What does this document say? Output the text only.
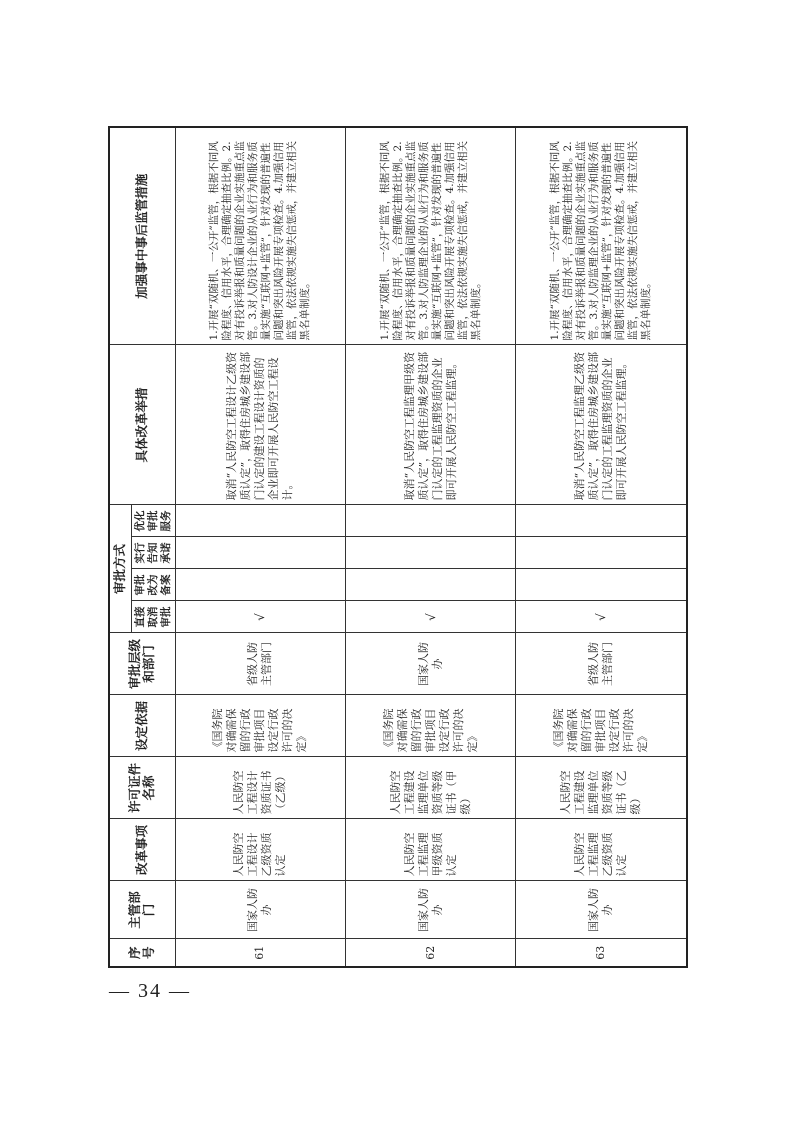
— 34 —
序号	主管部门	改革事项	许可证件名称	设定依据	审批层级和部门	审批方式				具体改革举措	加强事中事后监管措施
						直接取消审批	审批改为备案	实行告知承诺	优化审批服务		
61	国家人防办	人民防空工程设计乙级资质认定	人民防空工程设计资质证书（乙级）	《国务院对确需保留的行政审批项目设定行政许可的决定》	省级人防主管部门	√				取消“人民防空工程设计乙级资质认定”，取得住房城乡建设部门认定的建设工程设计资质的企业即可开展人民防空工程设计。	1.开展“双随机、一公开”监管，根据不同风险程度、信用水平，合理确定抽查比例。2.对有投诉举报和质量问题的企业实施重点监管。3.对人防设计企业的从业行为和服务质量实施“互联网+监管”，针对发现的普遍性问题和突出风险开展专项检查。4.加强信用监管，依法依规实施失信惩戒，并建立相关黑名单制度。
62	国家人防办	人民防空工程监理甲级资质认定	人民防空工程建设监理单位资质等级证书（甲级）	《国务院对确需保留的行政审批项目设定行政许可的决定》	国家人防办	√				取消“人民防空工程监理甲级资质认定”，取得住房城乡建设部门认定的工程监理资质的企业即可开展人民防空工程监理。	1.开展“双随机、一公开”监管，根据不同风险程度、信用水平，合理确定抽查比例。2.对有投诉举报和质量问题的企业实施重点监管。3.对人防监理企业的从业行为和服务质量实施“互联网+监管”，针对发现的普遍性问题和突出风险开展专项检查。4.加强信用监管，依法依规实施失信惩戒，并建立相关黑名单制度。
63	国家人防办	人民防空工程监理乙级资质认定	人民防空工程建设监理单位资质等级证书（乙级）	《国务院对确需保留的行政审批项目设定行政许可的决定》	省级人防主管部门	√				取消“人民防空工程监理乙级资质认定”，取得住房城乡建设部门认定的工程监理资质的企业即可开展人民防空工程监理。	1.开展“双随机、一公开”监管，根据不同风险程度、信用水平，合理确定抽查比例。2.对有投诉举报和质量问题的企业实施重点监管。3.对人防监理企业的从业行为和服务质量实施“互联网+监管”，针对发现的普遍性问题和突出风险开展专项检查。4.加强信用监管，依法依规实施失信惩戒，并建立相关黑名单制度。
